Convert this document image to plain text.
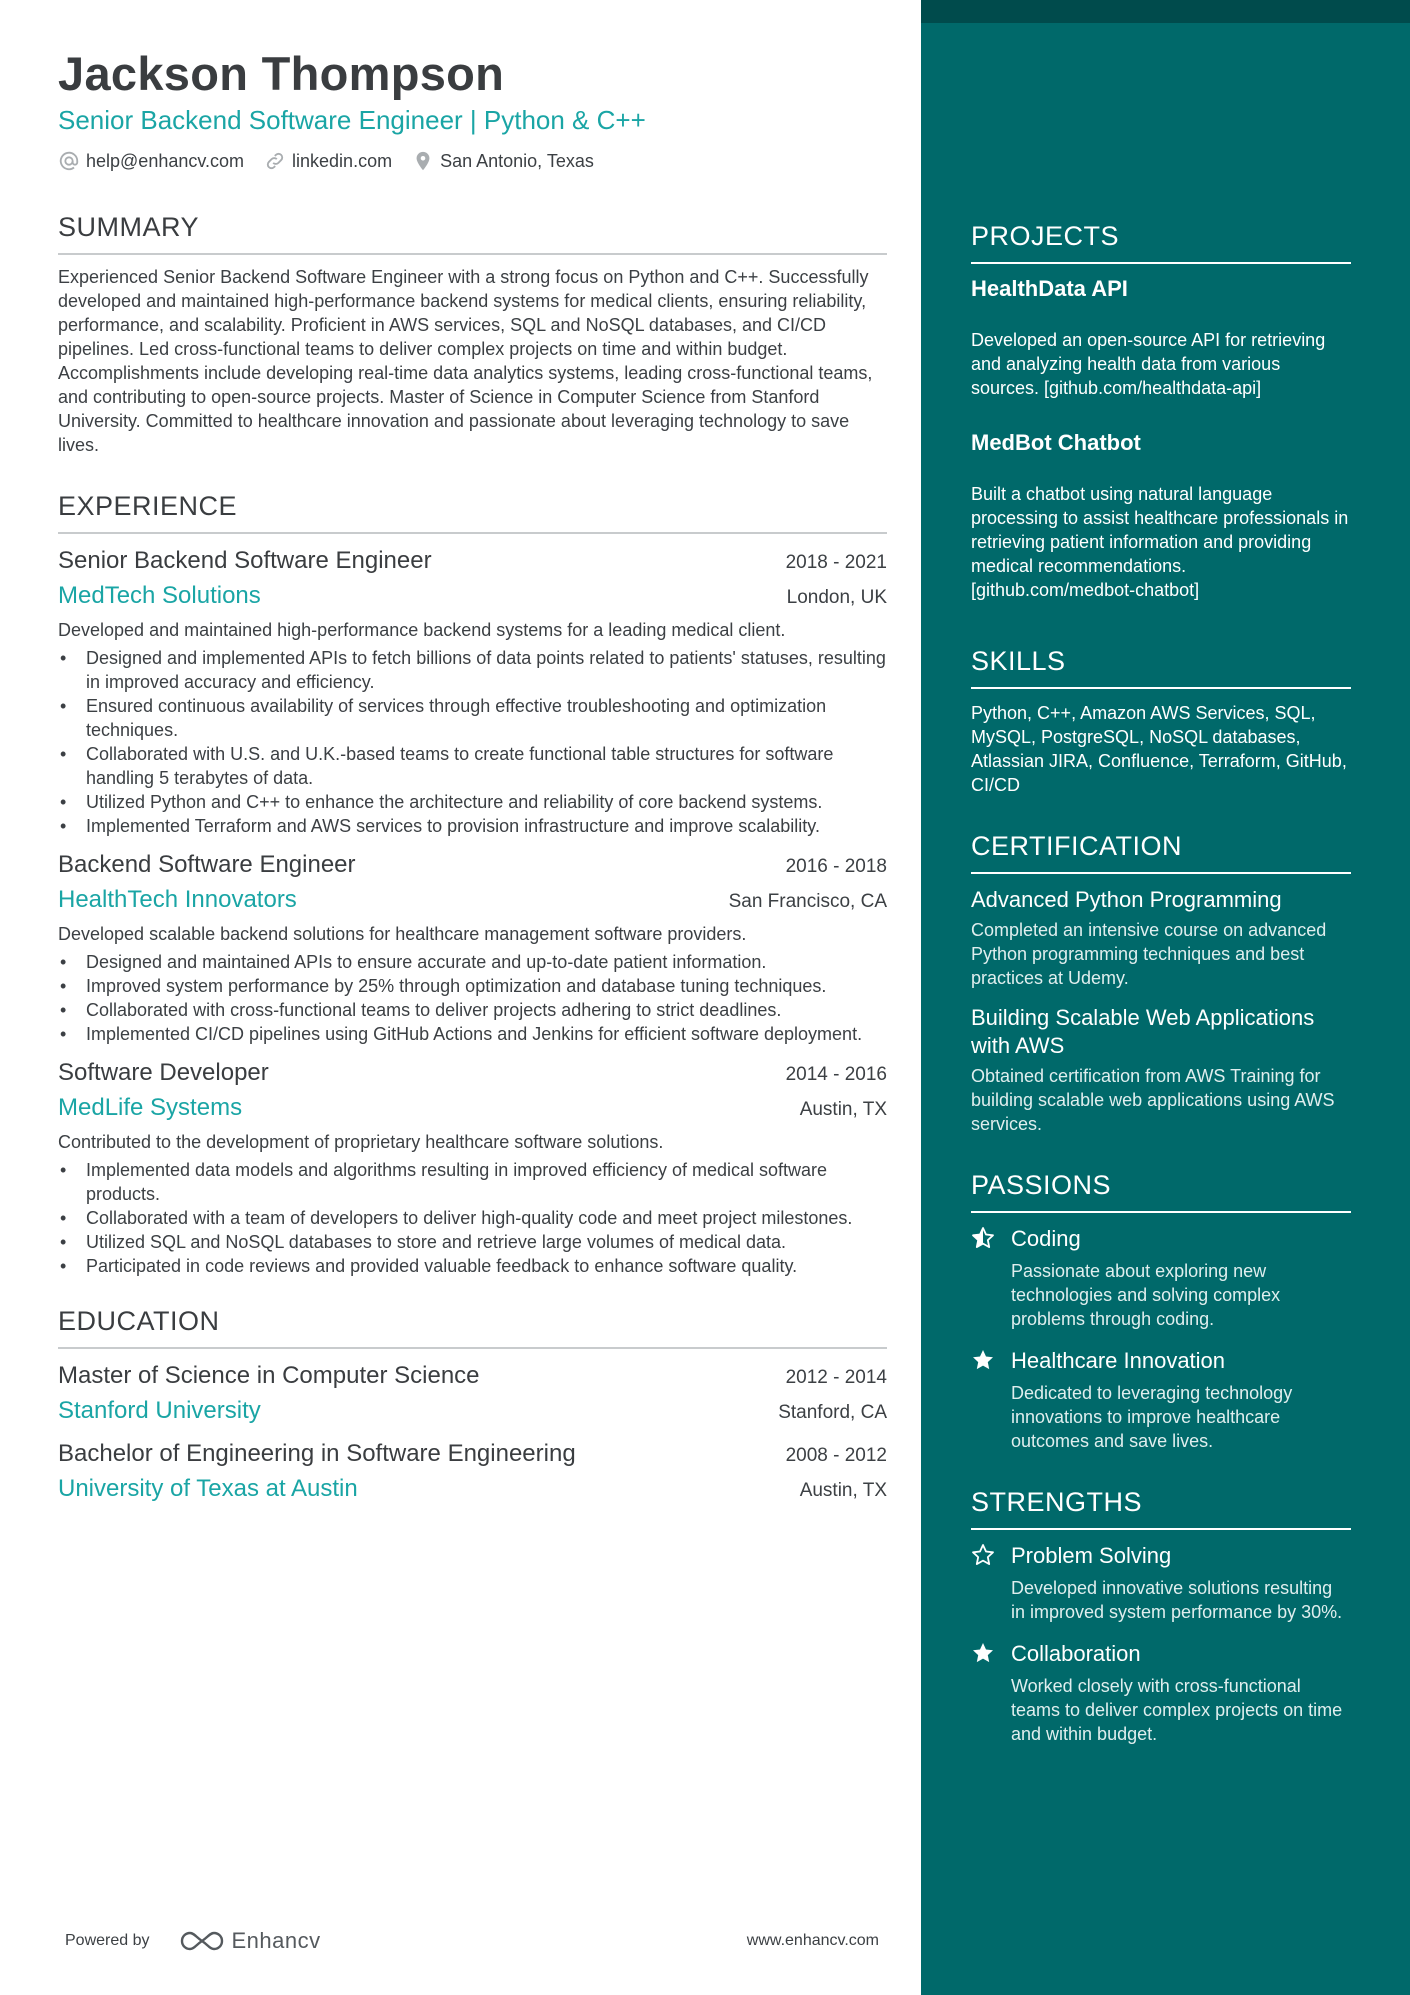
Jackson Thompson
Senior Backend Software Engineer | Python & C++
help@enhancv.com	linkedin.com	San Antonio, Texas
SUMMARY
Experienced Senior Backend Software Engineer with a strong focus on Python and C++. Successfully developed and maintained high-performance backend systems for medical clients, ensuring reliability, performance, and scalability. Proficient in AWS services, SQL and NoSQL databases, and CI/CD pipelines. Led cross-functional teams to deliver complex projects on time and within budget. Accomplishments include developing real-time data analytics systems, leading cross-functional teams, and contributing to open-source projects. Master of Science in Computer Science from Stanford University. Committed to healthcare innovation and passionate about leveraging technology to save lives.
EXPERIENCE
Senior Backend Software Engineer	2018 - 2021
MedTech Solutions	London, UK
Developed and maintained high-performance backend systems for a leading medical client.
• Designed and implemented APIs to fetch billions of data points related to patients' statuses, resulting in improved accuracy and efficiency.
• Ensured continuous availability of services through effective troubleshooting and optimization techniques.
• Collaborated with U.S. and U.K.-based teams to create functional table structures for software handling 5 terabytes of data.
• Utilized Python and C++ to enhance the architecture and reliability of core backend systems.
• Implemented Terraform and AWS services to provision infrastructure and improve scalability.
Backend Software Engineer	2016 - 2018
HealthTech Innovators	San Francisco, CA
Developed scalable backend solutions for healthcare management software providers.
• Designed and maintained APIs to ensure accurate and up-to-date patient information.
• Improved system performance by 25% through optimization and database tuning techniques.
• Collaborated with cross-functional teams to deliver projects adhering to strict deadlines.
• Implemented CI/CD pipelines using GitHub Actions and Jenkins for efficient software deployment.
Software Developer	2014 - 2016
MedLife Systems	Austin, TX
Contributed to the development of proprietary healthcare software solutions.
• Implemented data models and algorithms resulting in improved efficiency of medical software products.
• Collaborated with a team of developers to deliver high-quality code and meet project milestones.
• Utilized SQL and NoSQL databases to store and retrieve large volumes of medical data.
• Participated in code reviews and provided valuable feedback to enhance software quality.
EDUCATION
Master of Science in Computer Science	2012 - 2014
Stanford University	Stanford, CA
Bachelor of Engineering in Software Engineering	2008 - 2012
University of Texas at Austin	Austin, TX
Powered by	Enhancv	www.enhancv.com
PROJECTS
HealthData API
Developed an open-source API for retrieving and analyzing health data from various sources. [github.com/healthdata-api]
MedBot Chatbot
Built a chatbot using natural language processing to assist healthcare professionals in retrieving patient information and providing medical recommendations. [github.com/medbot-chatbot]
SKILLS
Python, C++, Amazon AWS Services, SQL, MySQL, PostgreSQL, NoSQL databases, Atlassian JIRA, Confluence, Terraform, GitHub, CI/CD
CERTIFICATION
Advanced Python Programming
Completed an intensive course on advanced Python programming techniques and best practices at Udemy.
Building Scalable Web Applications with AWS
Obtained certification from AWS Training for building scalable web applications using AWS services.
PASSIONS
Coding
Passionate about exploring new technologies and solving complex problems through coding.
Healthcare Innovation
Dedicated to leveraging technology innovations to improve healthcare outcomes and save lives.
STRENGTHS
Problem Solving
Developed innovative solutions resulting in improved system performance by 30%.
Collaboration
Worked closely with cross-functional teams to deliver complex projects on time and within budget.
